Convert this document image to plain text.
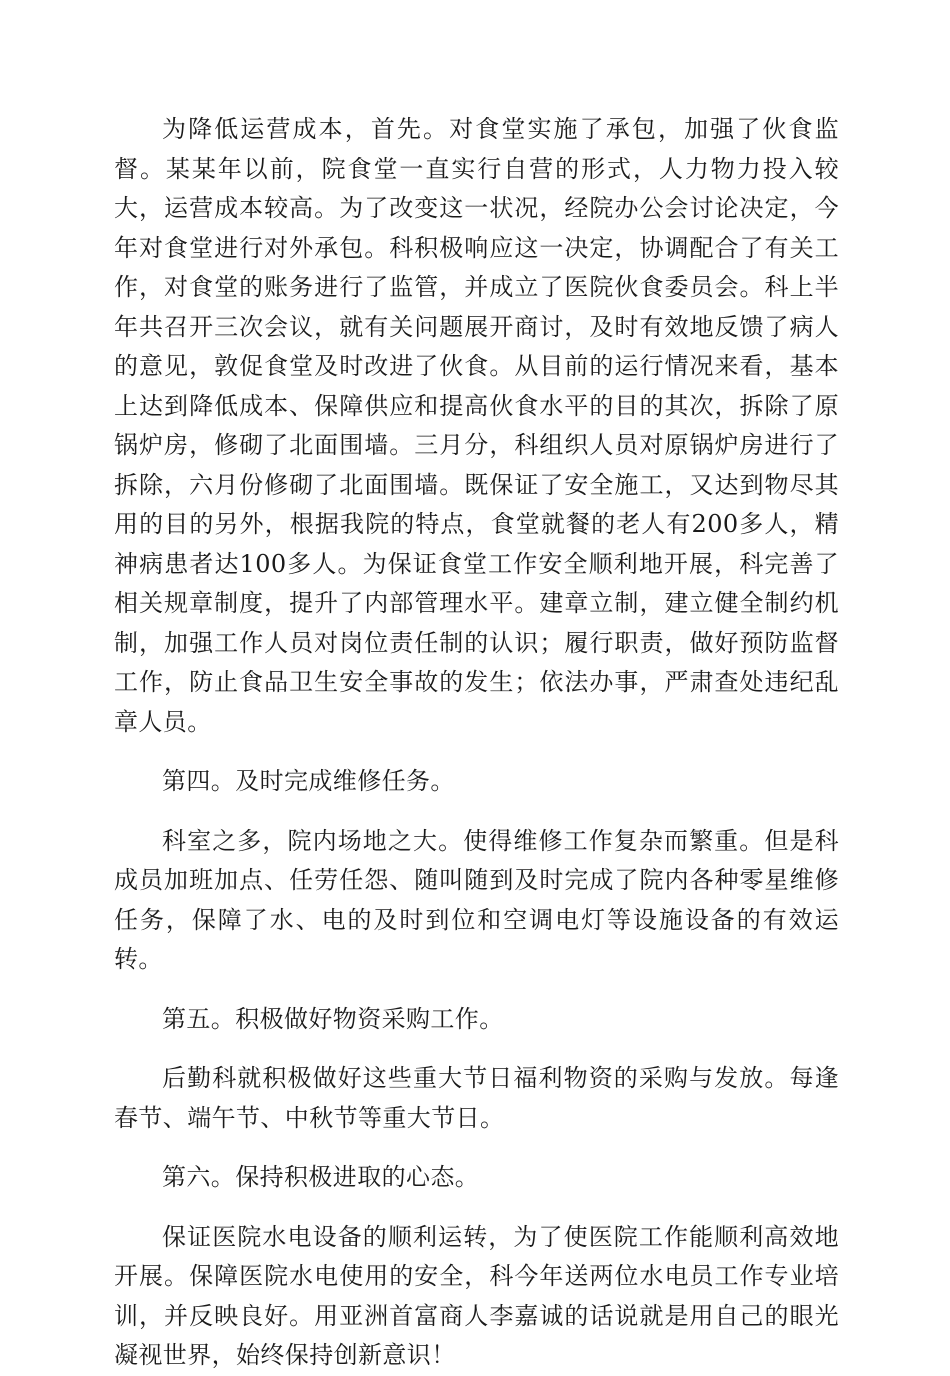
为降低运营成本，首先。对食堂实施了承包，加强了伙食监督。某某年以前，院食堂一直实行自营的形式，人力物力投入较大，运营成本较高。为了改变这一状况，经院办公会讨论决定，今年对食堂进行对外承包。科积极响应这一决定，协调配合了有关工作，对食堂的账务进行了监管，并成立了医院伙食委员会。科上半年共召开三次会议，就有关问题展开商讨，及时有效地反馈了病人的意见，敦促食堂及时改进了伙食。从目前的运行情况来看，基本上达到降低成本、保障供应和提高伙食水平的目的其次，拆除了原锅炉房，修砌了北面围墙。三月分，科组织人员对原锅炉房进行了拆除，六月份修砌了北面围墙。既保证了安全施工，又达到物尽其用的目的另外，根据我院的特点，食堂就餐的老人有200多人，精神病患者达100多人。为保证食堂工作安全顺利地开展，科完善了相关规章制度，提升了内部管理水平。建章立制，建立健全制约机制，加强工作人员对岗位责任制的认识；履行职责，做好预防监督工作，防止食品卫生安全事故的发生；依法办事，严肃查处违纪乱章人员。

第四。及时完成维修任务。

科室之多，院内场地之大。使得维修工作复杂而繁重。但是科成员加班加点、任劳任怨、随叫随到及时完成了院内各种零星维修任务，保障了水、电的及时到位和空调电灯等设施设备的有效运转。

第五。积极做好物资采购工作。

后勤科就积极做好这些重大节日福利物资的采购与发放。每逢春节、端午节、中秋节等重大节日。

第六。保持积极进取的心态。

保证医院水电设备的顺利运转，为了使医院工作能顺利高效地开展。保障医院水电使用的安全，科今年送两位水电员工作专业培训，并反映良好。用亚洲首富商人李嘉诚的话说就是用自己的眼光凝视世界，始终保持创新意识！
